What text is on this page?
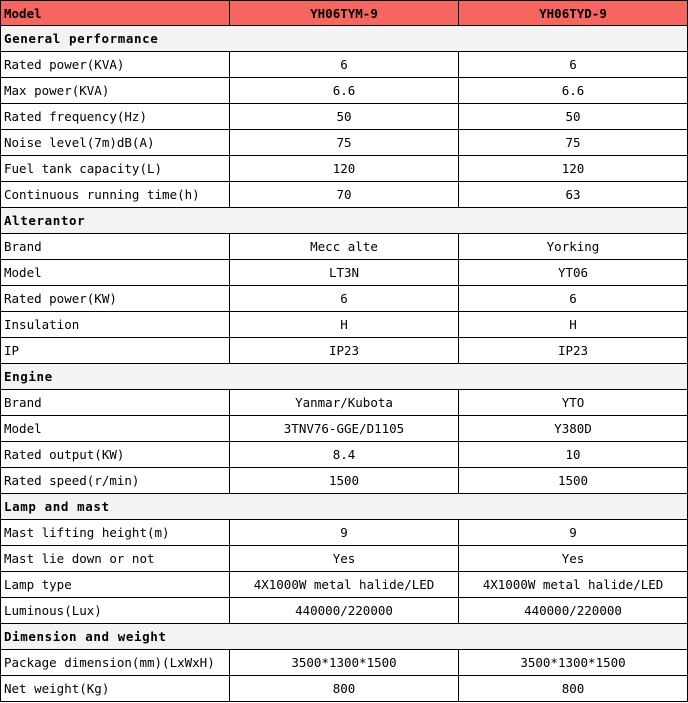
Model	YH06TYM-9	YH06TYD-9
General performance		
Rated power(KVA)	6	6
Max power(KVA)	6.6	6.6
Rated frequency(Hz)	50	50
Noise level(7m)dB(A)	75	75
Fuel tank capacity(L)	120	120
Continuous running time(h)	70	63
Alterantor		
Brand	Mecc alte	Yorking
Model	LT3N	YT06
Rated power(KW)	6	6
Insulation	H	H
IP	IP23	IP23
Engine		
Brand	Yanmar/Kubota	YTO
Model	3TNV76-GGE/D1105	Y380D
Rated output(KW)	8.4	10
Rated speed(r/min)	1500	1500
Lamp and mast		
Mast lifting height(m)	9	9
Mast lie down or not	Yes	Yes
Lamp type	4X1000W metal halide/LED	4X1000W metal halide/LED
Luminous(Lux)	440000/220000	440000/220000
Dimension and weight		
Package dimension(mm)(LxWxH)	3500*1300*1500	3500*1300*1500
Net weight(Kg)	800	800
